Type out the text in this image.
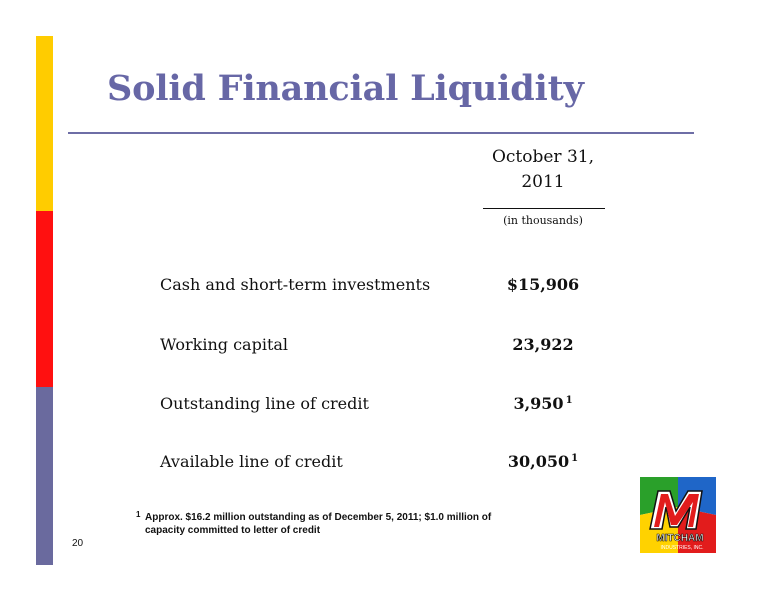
Solid Financial Liquidity
October 31,
2011
(in thousands)
Cash and short-term investments	$15,906
Working capital	23,922
Outstanding line of credit	3,950 $^1$
Available line of credit	30,050 $^1$
1 Approx. $16.2 million outstanding as of December 5, 2011; $1.0 million of capacity committed to letter of credit
20	MITCHAM
INDUSTRIES, INC.
